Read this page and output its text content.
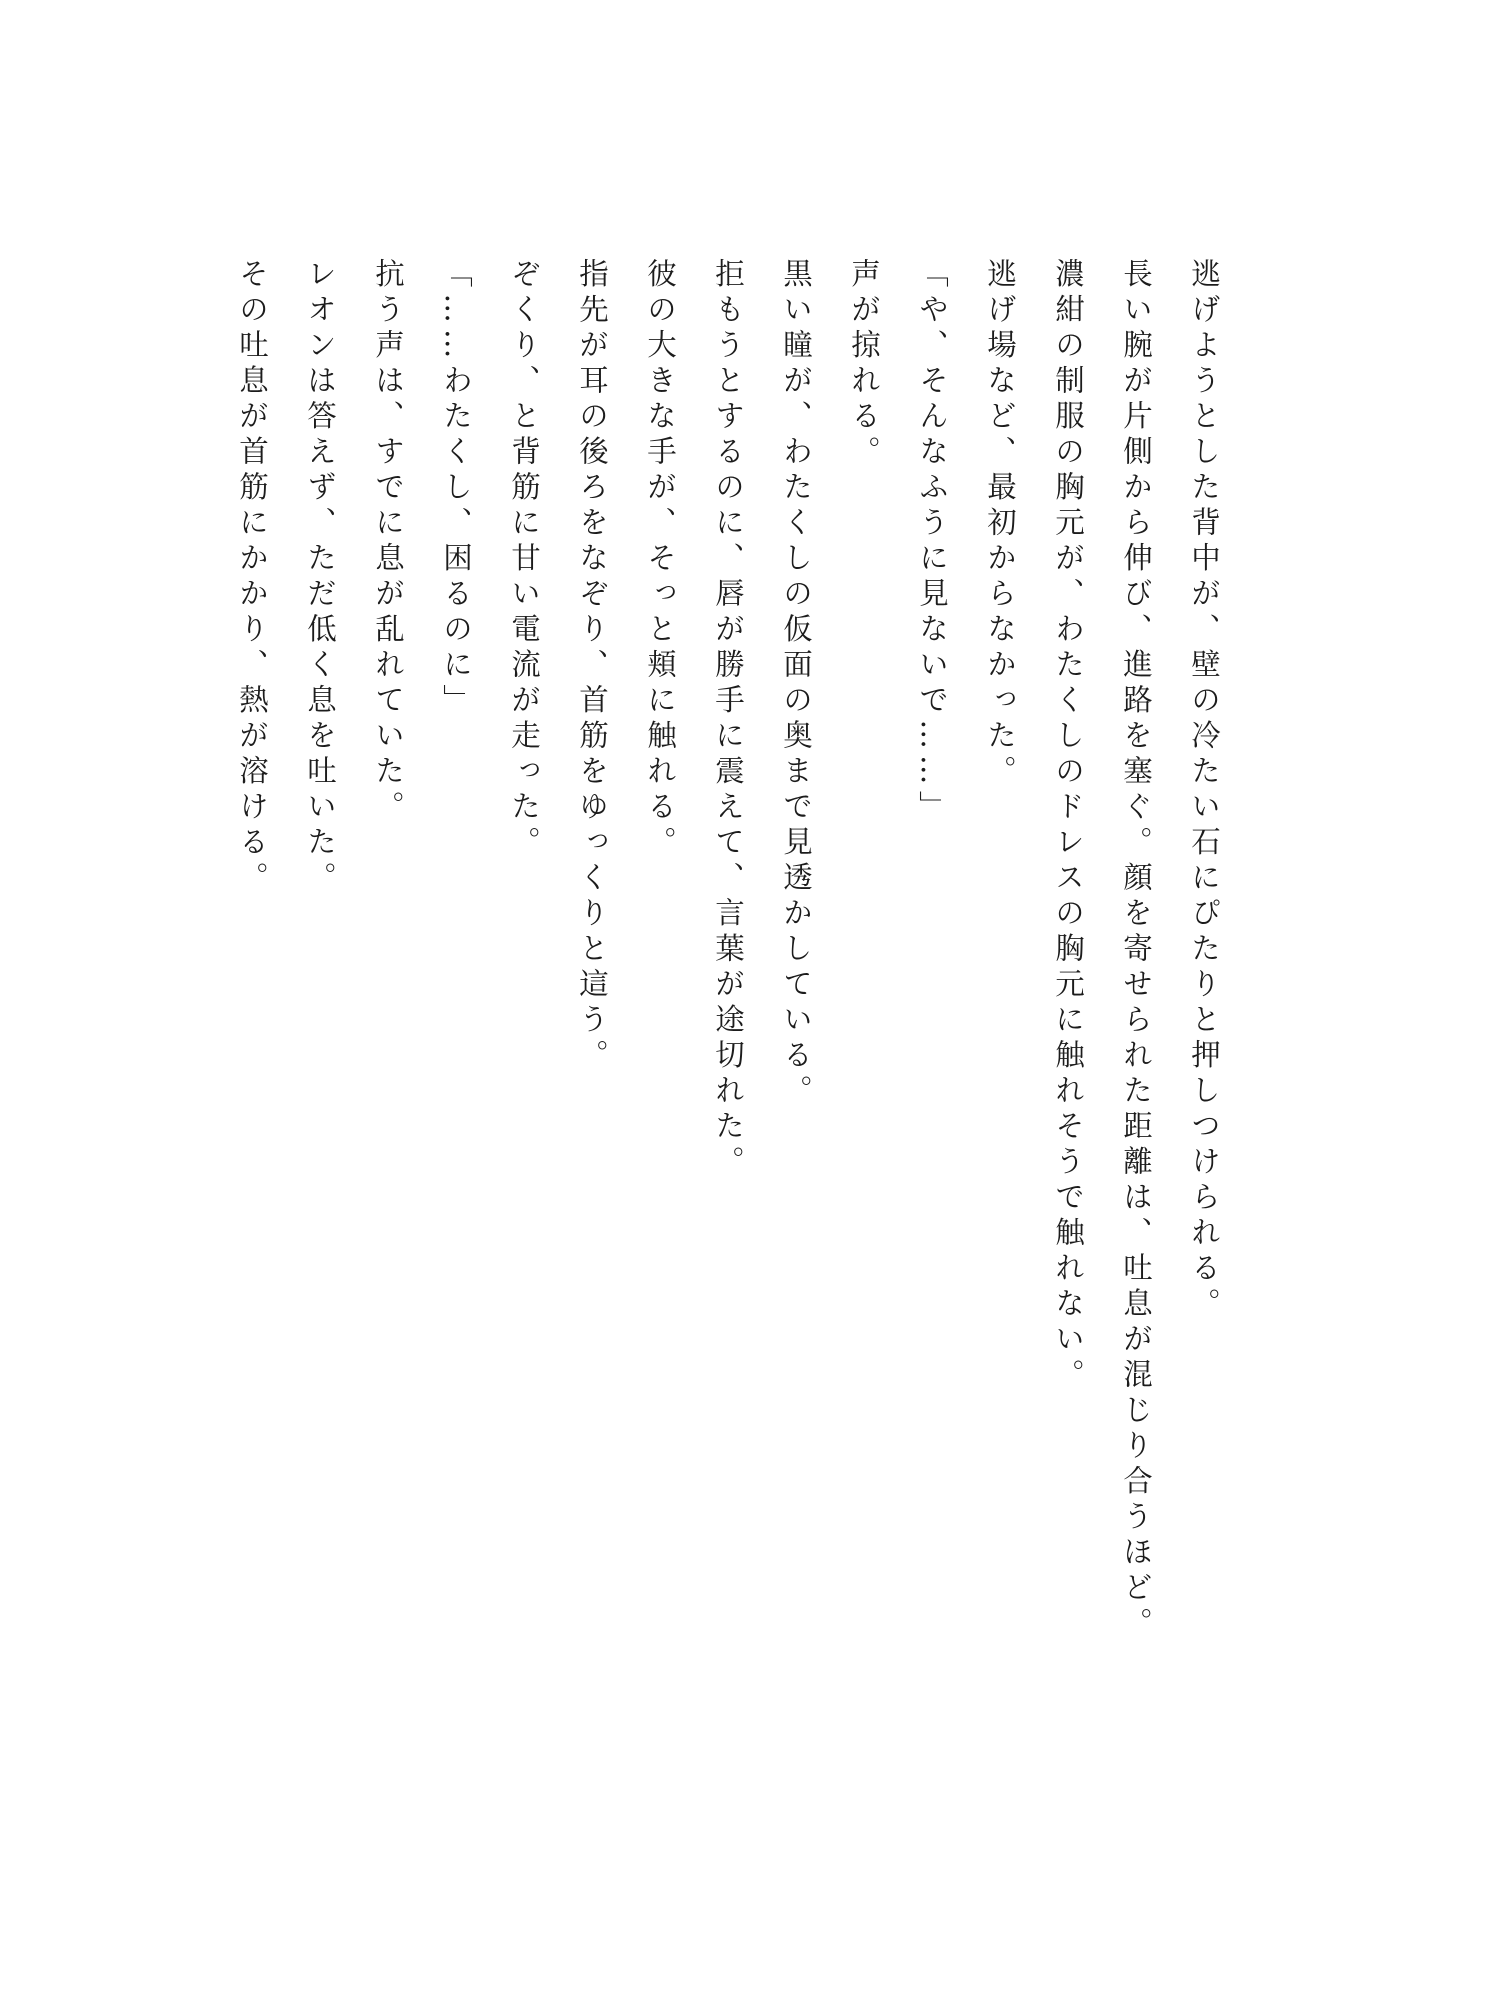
逃げようとした背中が、壁の冷たい石にぴたりと押しつけられる。
長い腕が片側から伸び、進路を塞ぐ。顔を寄せられた距離は、吐息が混じり合うほど。
濃紺の制服の胸元が、わたくしのドレスの胸元に触れそうで触れない。
逃げ場など、最初からなかった。
「や、そんなふうに見ないで……」
声が掠れる。
黒い瞳が、わたくしの仮面の奥まで見透かしている。
拒もうとするのに、唇が勝手に震えて、言葉が途切れた。
彼の大きな手が、そっと頬に触れる。
指先が耳の後ろをなぞり、首筋をゆっくりと這う。
ぞくり、と背筋に甘い電流が走った。
「……わたくし、困るのに」
抗う声は、すでに息が乱れていた。
レオンは答えず、ただ低く息を吐いた。
その吐息が首筋にかかり、熱が溶ける。
